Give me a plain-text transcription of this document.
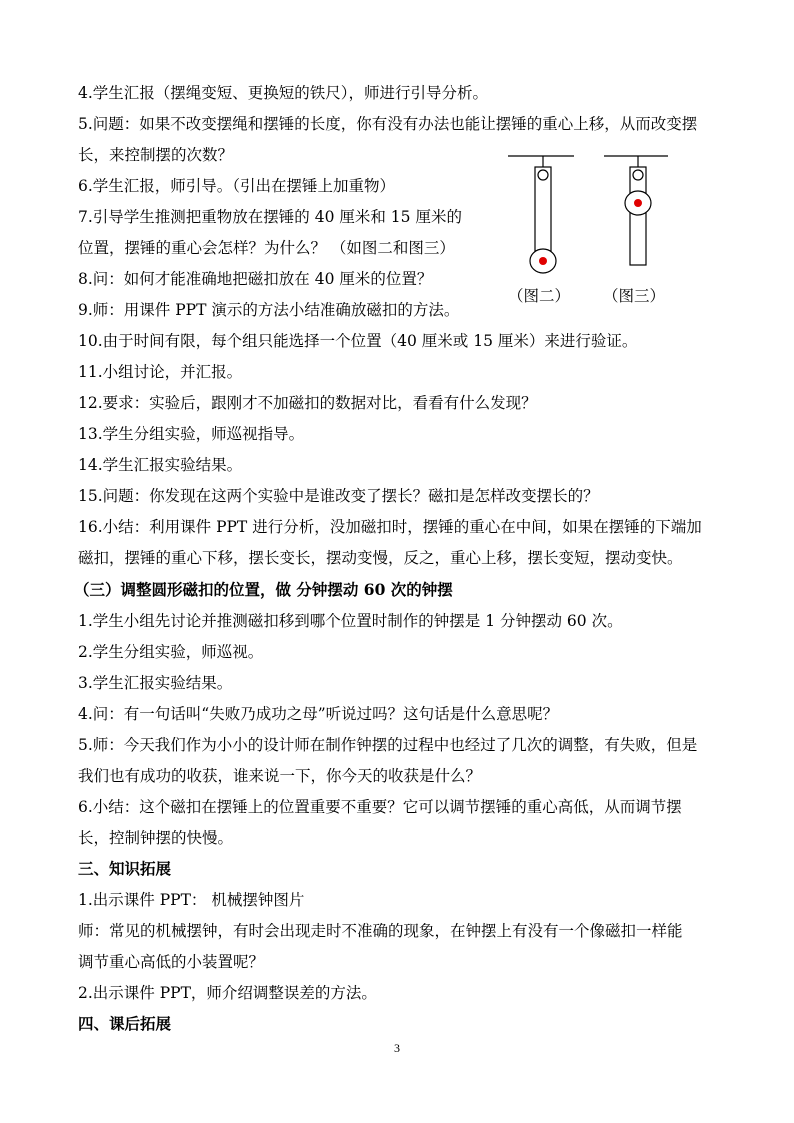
4.学生汇报（摆绳变短、更换短的铁尺），师进行引导分析。
5.问题：如果不改变摆绳和摆锤的长度，你有没有办法也能让摆锤的重心上移，从而改变摆
长，来控制摆的次数？
6.学生汇报，师引导。（引出在摆锤上加重物）
7.引导学生推测把重物放在摆锤的 40 厘米和 15 厘米的
位置，摆锤的重心会怎样？为什么？ （如图二和图三）
8.问：如何才能准确地把磁扣放在 40 厘米的位置？
9.师：用课件 PPT 演示的方法小结准确放磁扣的方法。
10.由于时间有限，每个组只能选择一个位置（40 厘米或 15 厘米）来进行验证。
11.小组讨论，并汇报。
12.要求：实验后，跟刚才不加磁扣的数据对比，看看有什么发现？
13.学生分组实验，师巡视指导。
14.学生汇报实验结果。
15.问题：你发现在这两个实验中是谁改变了摆长？磁扣是怎样改变摆长的？
16.小结：利用课件 PPT 进行分析，没加磁扣时，摆锤的重心在中间，如果在摆锤的下端加
磁扣，摆锤的重心下移，摆长变长，摆动变慢，反之，重心上移，摆长变短，摆动变快。
（三）调整圆形磁扣的位置，做 分钟摆动 60 次的钟摆
1.学生小组先讨论并推测磁扣移到哪个位置时制作的钟摆是 1 分钟摆动 60 次。
2.学生分组实验，师巡视。
3.学生汇报实验结果。
4.问：有一句话叫“失败乃成功之母”听说过吗？这句话是什么意思呢？
5.师：今天我们作为小小的设计师在制作钟摆的过程中也经过了几次的调整，有失败，但是
我们也有成功的收获，谁来说一下，你今天的收获是什么？
6.小结：这个磁扣在摆锤上的位置重要不重要？它可以调节摆锤的重心高低，从而调节摆
长，控制钟摆的快慢。
三、知识拓展
1.出示课件 PPT： 机械摆钟图片
师：常见的机械摆钟，有时会出现走时不准确的现象，在钟摆上有没有一个像磁扣一样能
调节重心高低的小装置呢？
2.出示课件 PPT，师介绍调整误差的方法。
四、课后拓展
（图二） （图三）
3
